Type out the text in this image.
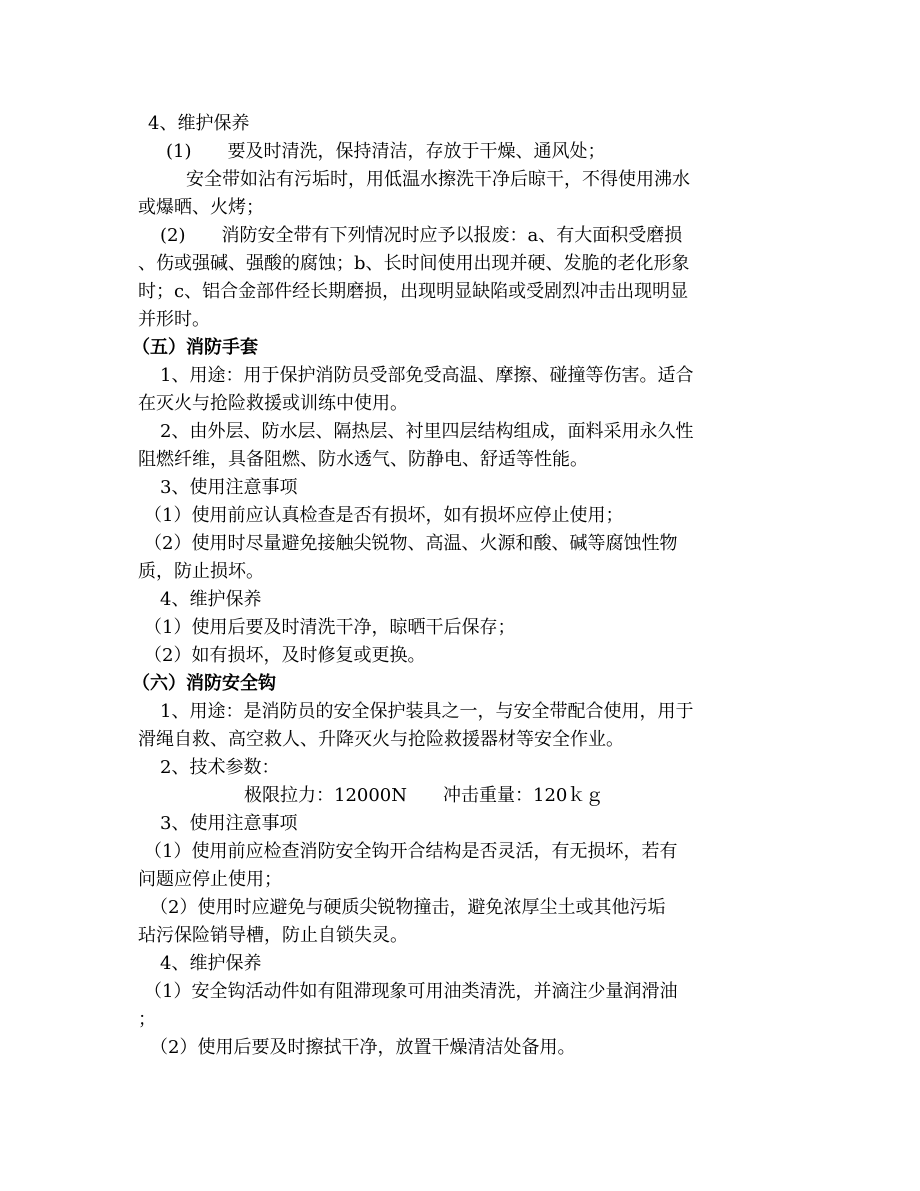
4、维护保养
(1)　　要及时清洗，保持清洁，存放于干燥、通风处；
安全带如沾有污垢时，用低温水擦洗干净后晾干，不得使用沸水
或爆晒、火烤；
(2)　　消防安全带有下列情况时应予以报废：a、有大面积受磨损
、伤或强碱、强酸的腐蚀；b、长时间使用出现并硬、发脆的老化形象
时；c、铝合金部件经长期磨损，出现明显缺陷或受剧烈冲击出现明显
并形时。
（五）消防手套
1、用途：用于保护消防员受部免受高温、摩擦、碰撞等伤害。适合
在灭火与抢险救援或训练中使用。
2、由外层、防水层、隔热层、衬里四层结构组成，面料采用永久性
阻燃纤维，具备阻燃、防水透气、防静电、舒适等性能。
3、使用注意事项
（1）使用前应认真检查是否有损坏，如有损坏应停止使用；
（2）使用时尽量避免接触尖锐物、高温、火源和酸、碱等腐蚀性物
质，防止损坏。
4、维护保养
（1）使用后要及时清洗干净，晾晒干后保存；
（2）如有损坏，及时修复或更换。
（六）消防安全钩
1、用途：是消防员的安全保护装具之一，与安全带配合使用，用于
滑绳自救、高空救人、升降灭火与抢险救援器材等安全作业。
2、技术参数：
极限拉力：12000N　　冲击重量：120ｋｇ
3、使用注意事项
（1）使用前应检查消防安全钩开合结构是否灵活，有无损坏，若有
问题应停止使用；
（2）使用时应避免与硬质尖锐物撞击，避免浓厚尘土或其他污垢
玷污保险销导槽，防止自锁失灵。
4、维护保养
（1）安全钩活动件如有阻滞现象可用油类清洗，并滴注少量润滑油
；
（2）使用后要及时擦拭干净，放置干燥清洁处备用。
